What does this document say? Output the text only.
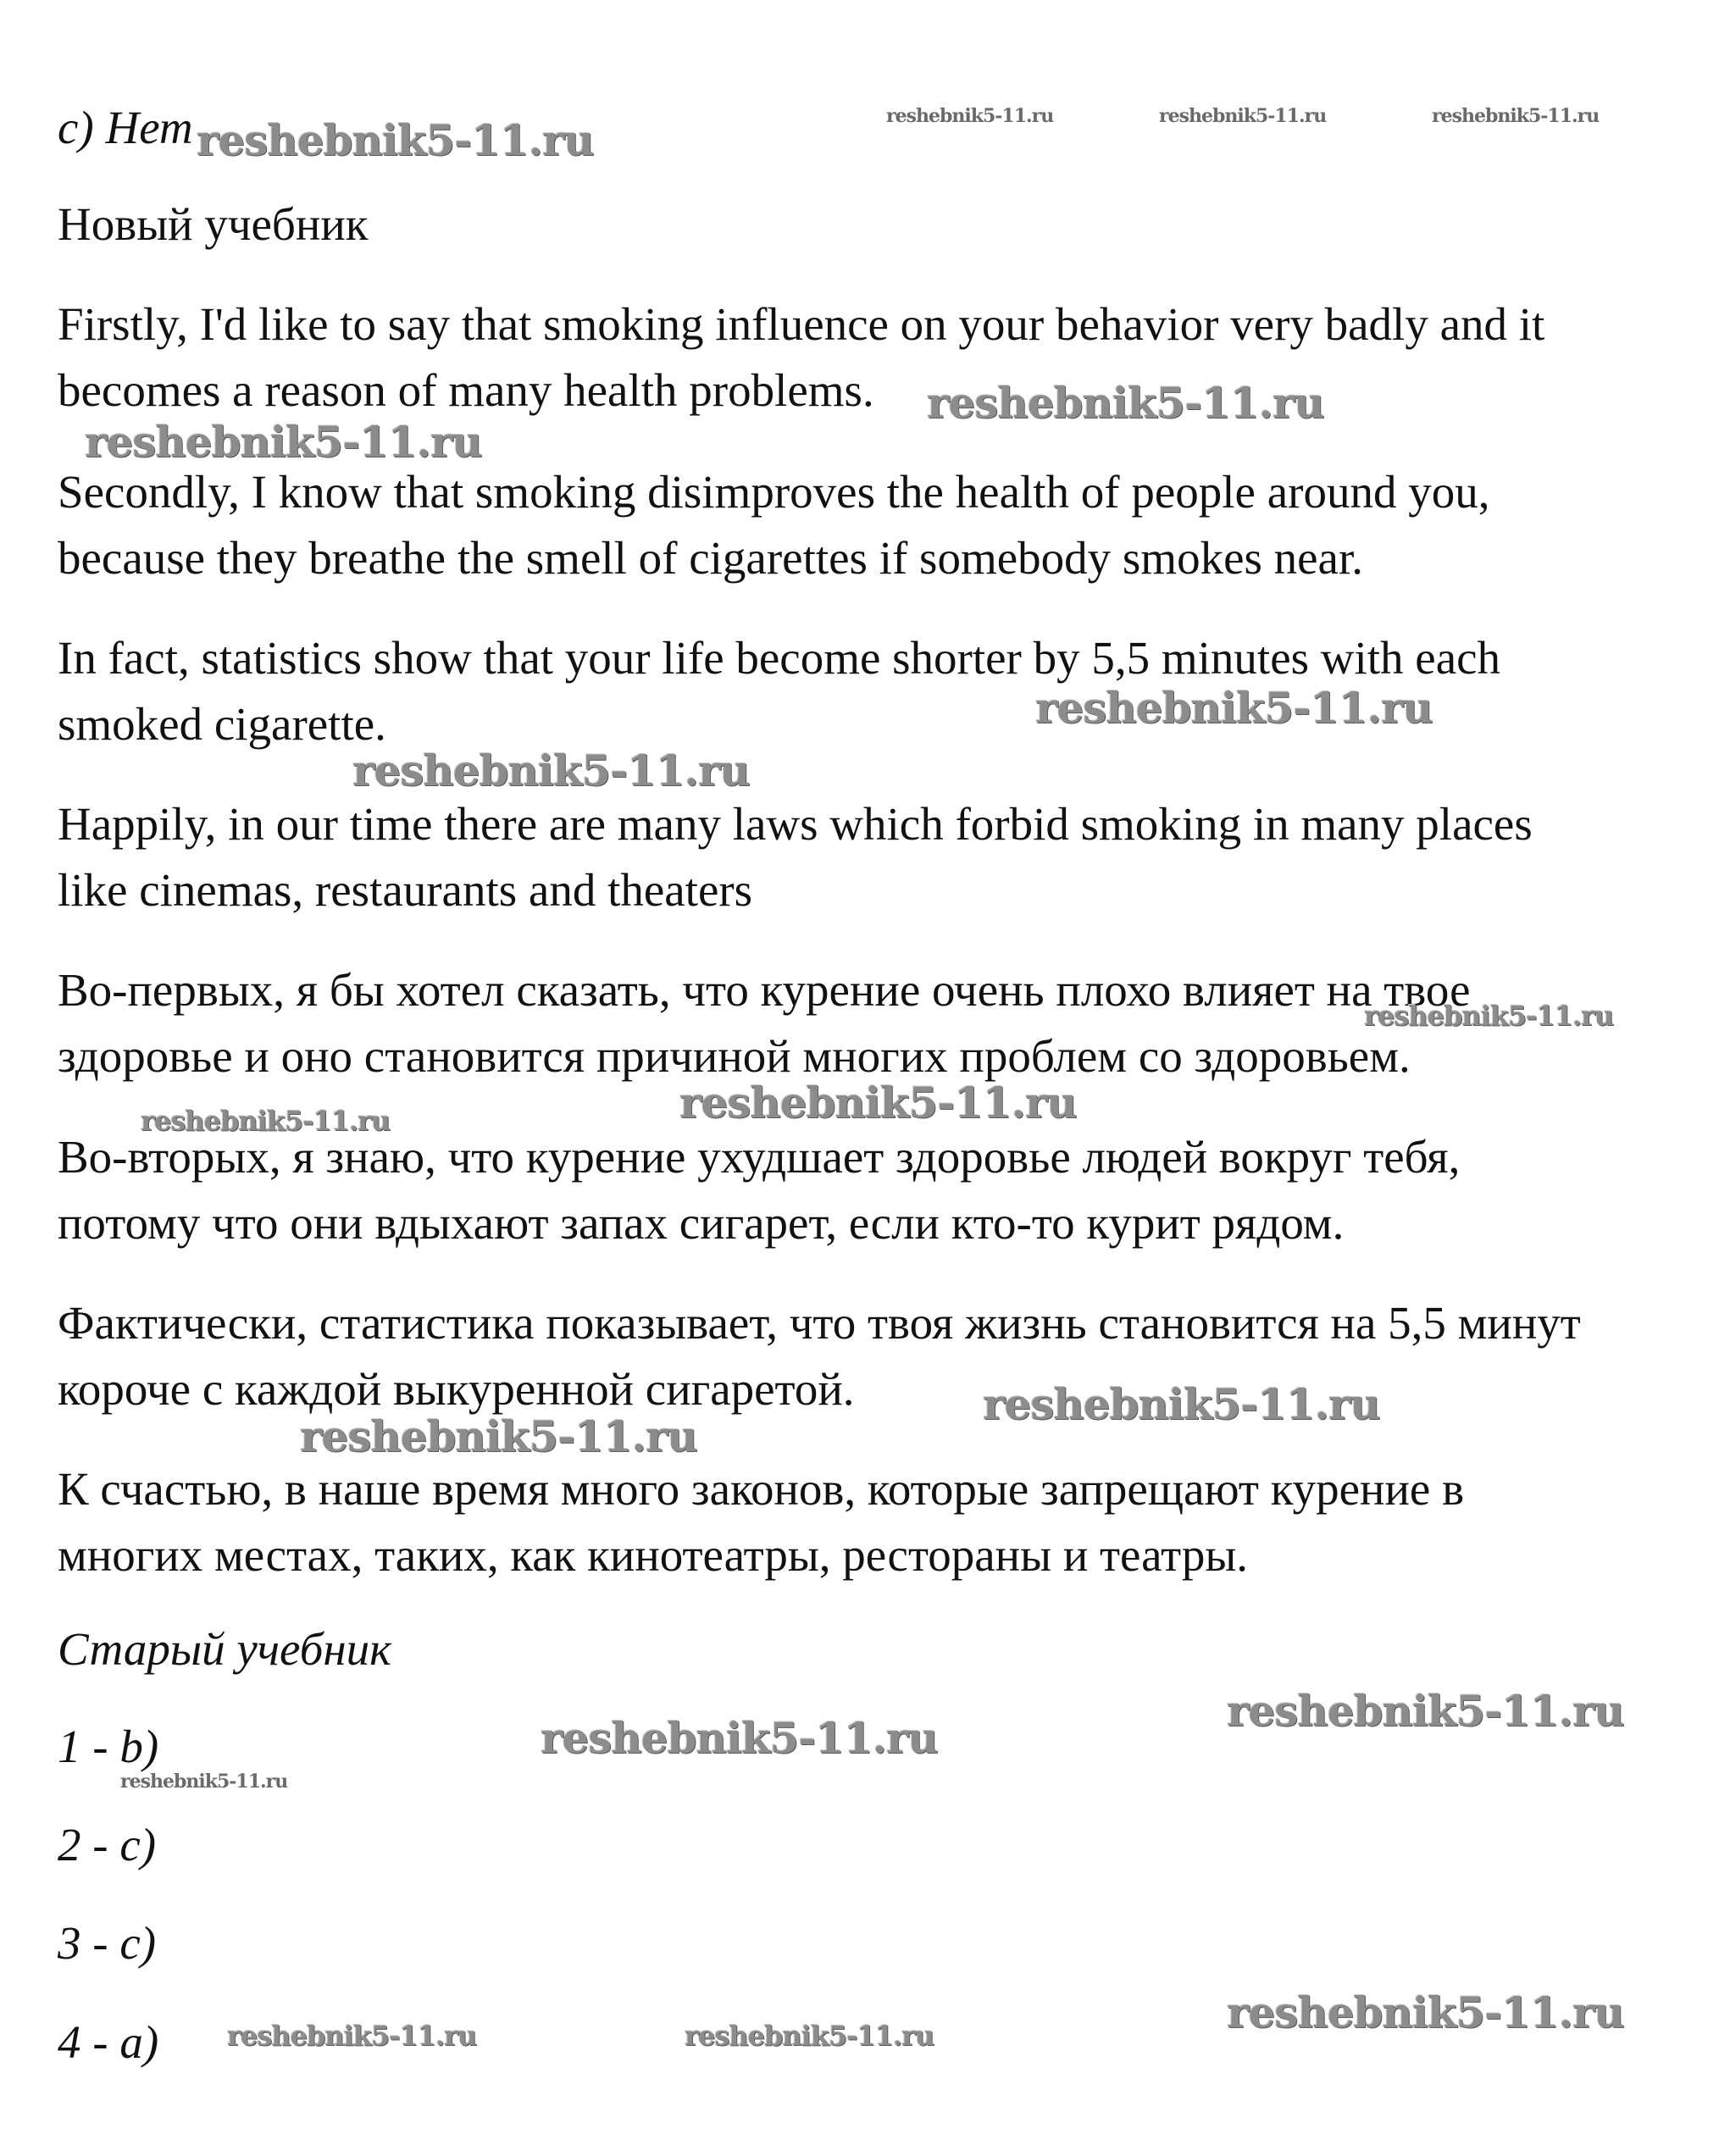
c) Нет

Новый учебник

Firstly, I'd like to say that smoking influence on your behavior very badly and it

becomes a reason of many health problems.

Secondly, I know that smoking disimproves the health of people around you,

because they breathe the smell of cigarettes if somebody smokes near.

In fact, statistics show that your life become shorter by 5,5 minutes with each

smoked cigarette.

Happily, in our time there are many laws which forbid smoking in many places

like cinemas, restaurants and theaters

Во-первых, я бы хотел сказать, что курение очень плохо влияет на твое

здоровье и оно становится причиной многих проблем со здоровьем.

Во-вторых, я знаю, что курение ухудшает здоровье людей вокруг тебя,

потому что они вдыхают запах сигарет, если кто-то курит рядом.

Фактически, статистика показывает, что твоя жизнь становится на 5,5 минут

короче с каждой выкуренной сигаретой.

К счастью, в наше время много законов, которые запрещают курение в

многих местах, таких, как кинотеатры, рестораны и театры.

Старый учебник

1 - b)

2 - c)

3 - c)

4 - a)

reshebnik5-11.ru	reshebnik5-11.ru	reshebnik5-11.ru	reshebnik5-11.ru
reshebnik5-11.ru
reshebnik5-11.ru
reshebnik5-11.ru
reshebnik5-11.ru
reshebnik5-11.ru
reshebnik5-11.ru
reshebnik5-11.ru
reshebnik5-11.ru
reshebnik5-11.ru
reshebnik5-11.ru
reshebnik5-11.ru
reshebnik5-11.ru
reshebnik5-11.ru
reshebnik5-11.ru	reshebnik5-11.ru
